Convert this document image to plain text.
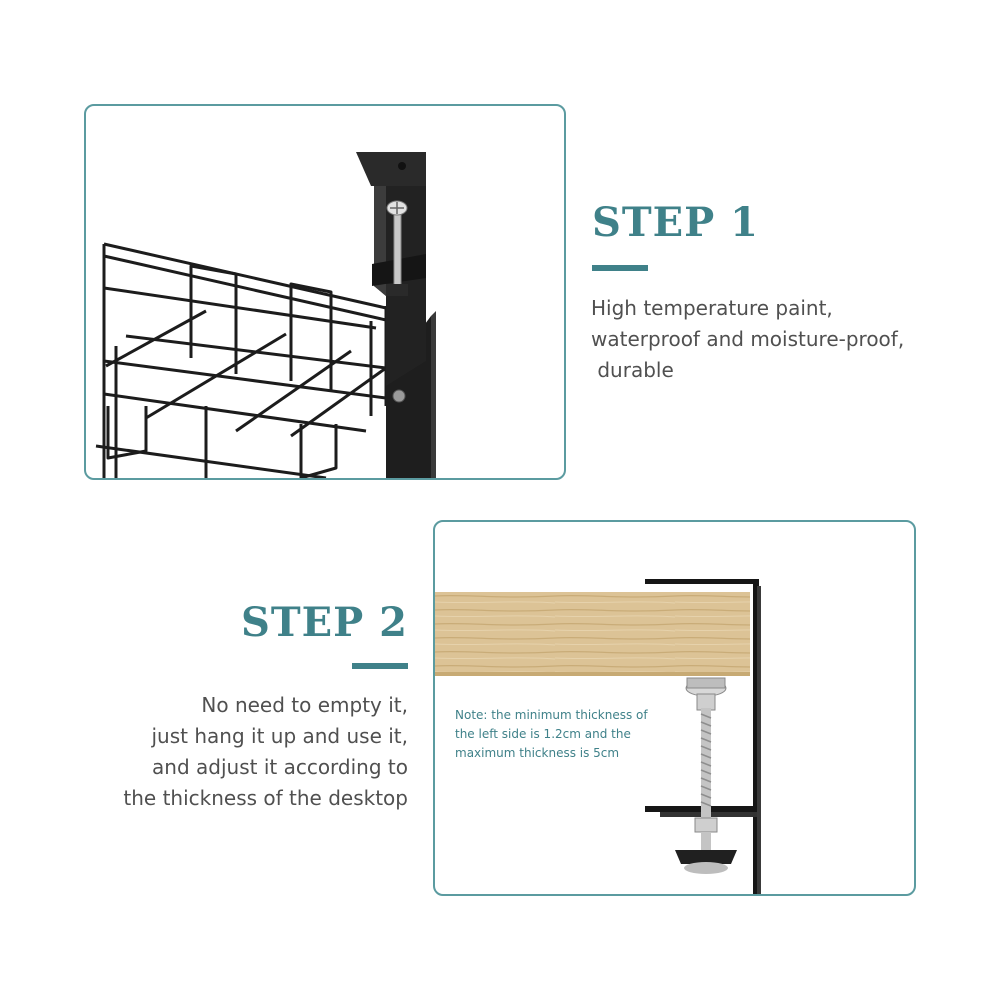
STEP 1

High temperature paint,
waterproof and moisture-proof,
durable

STEP 2

No need to empty it,
just hang it up and use it,
and adjust it according to
the thickness of the desktop

Note: the minimum thickness of
the left side is 1.2cm and the
maximum thickness is 5cm
